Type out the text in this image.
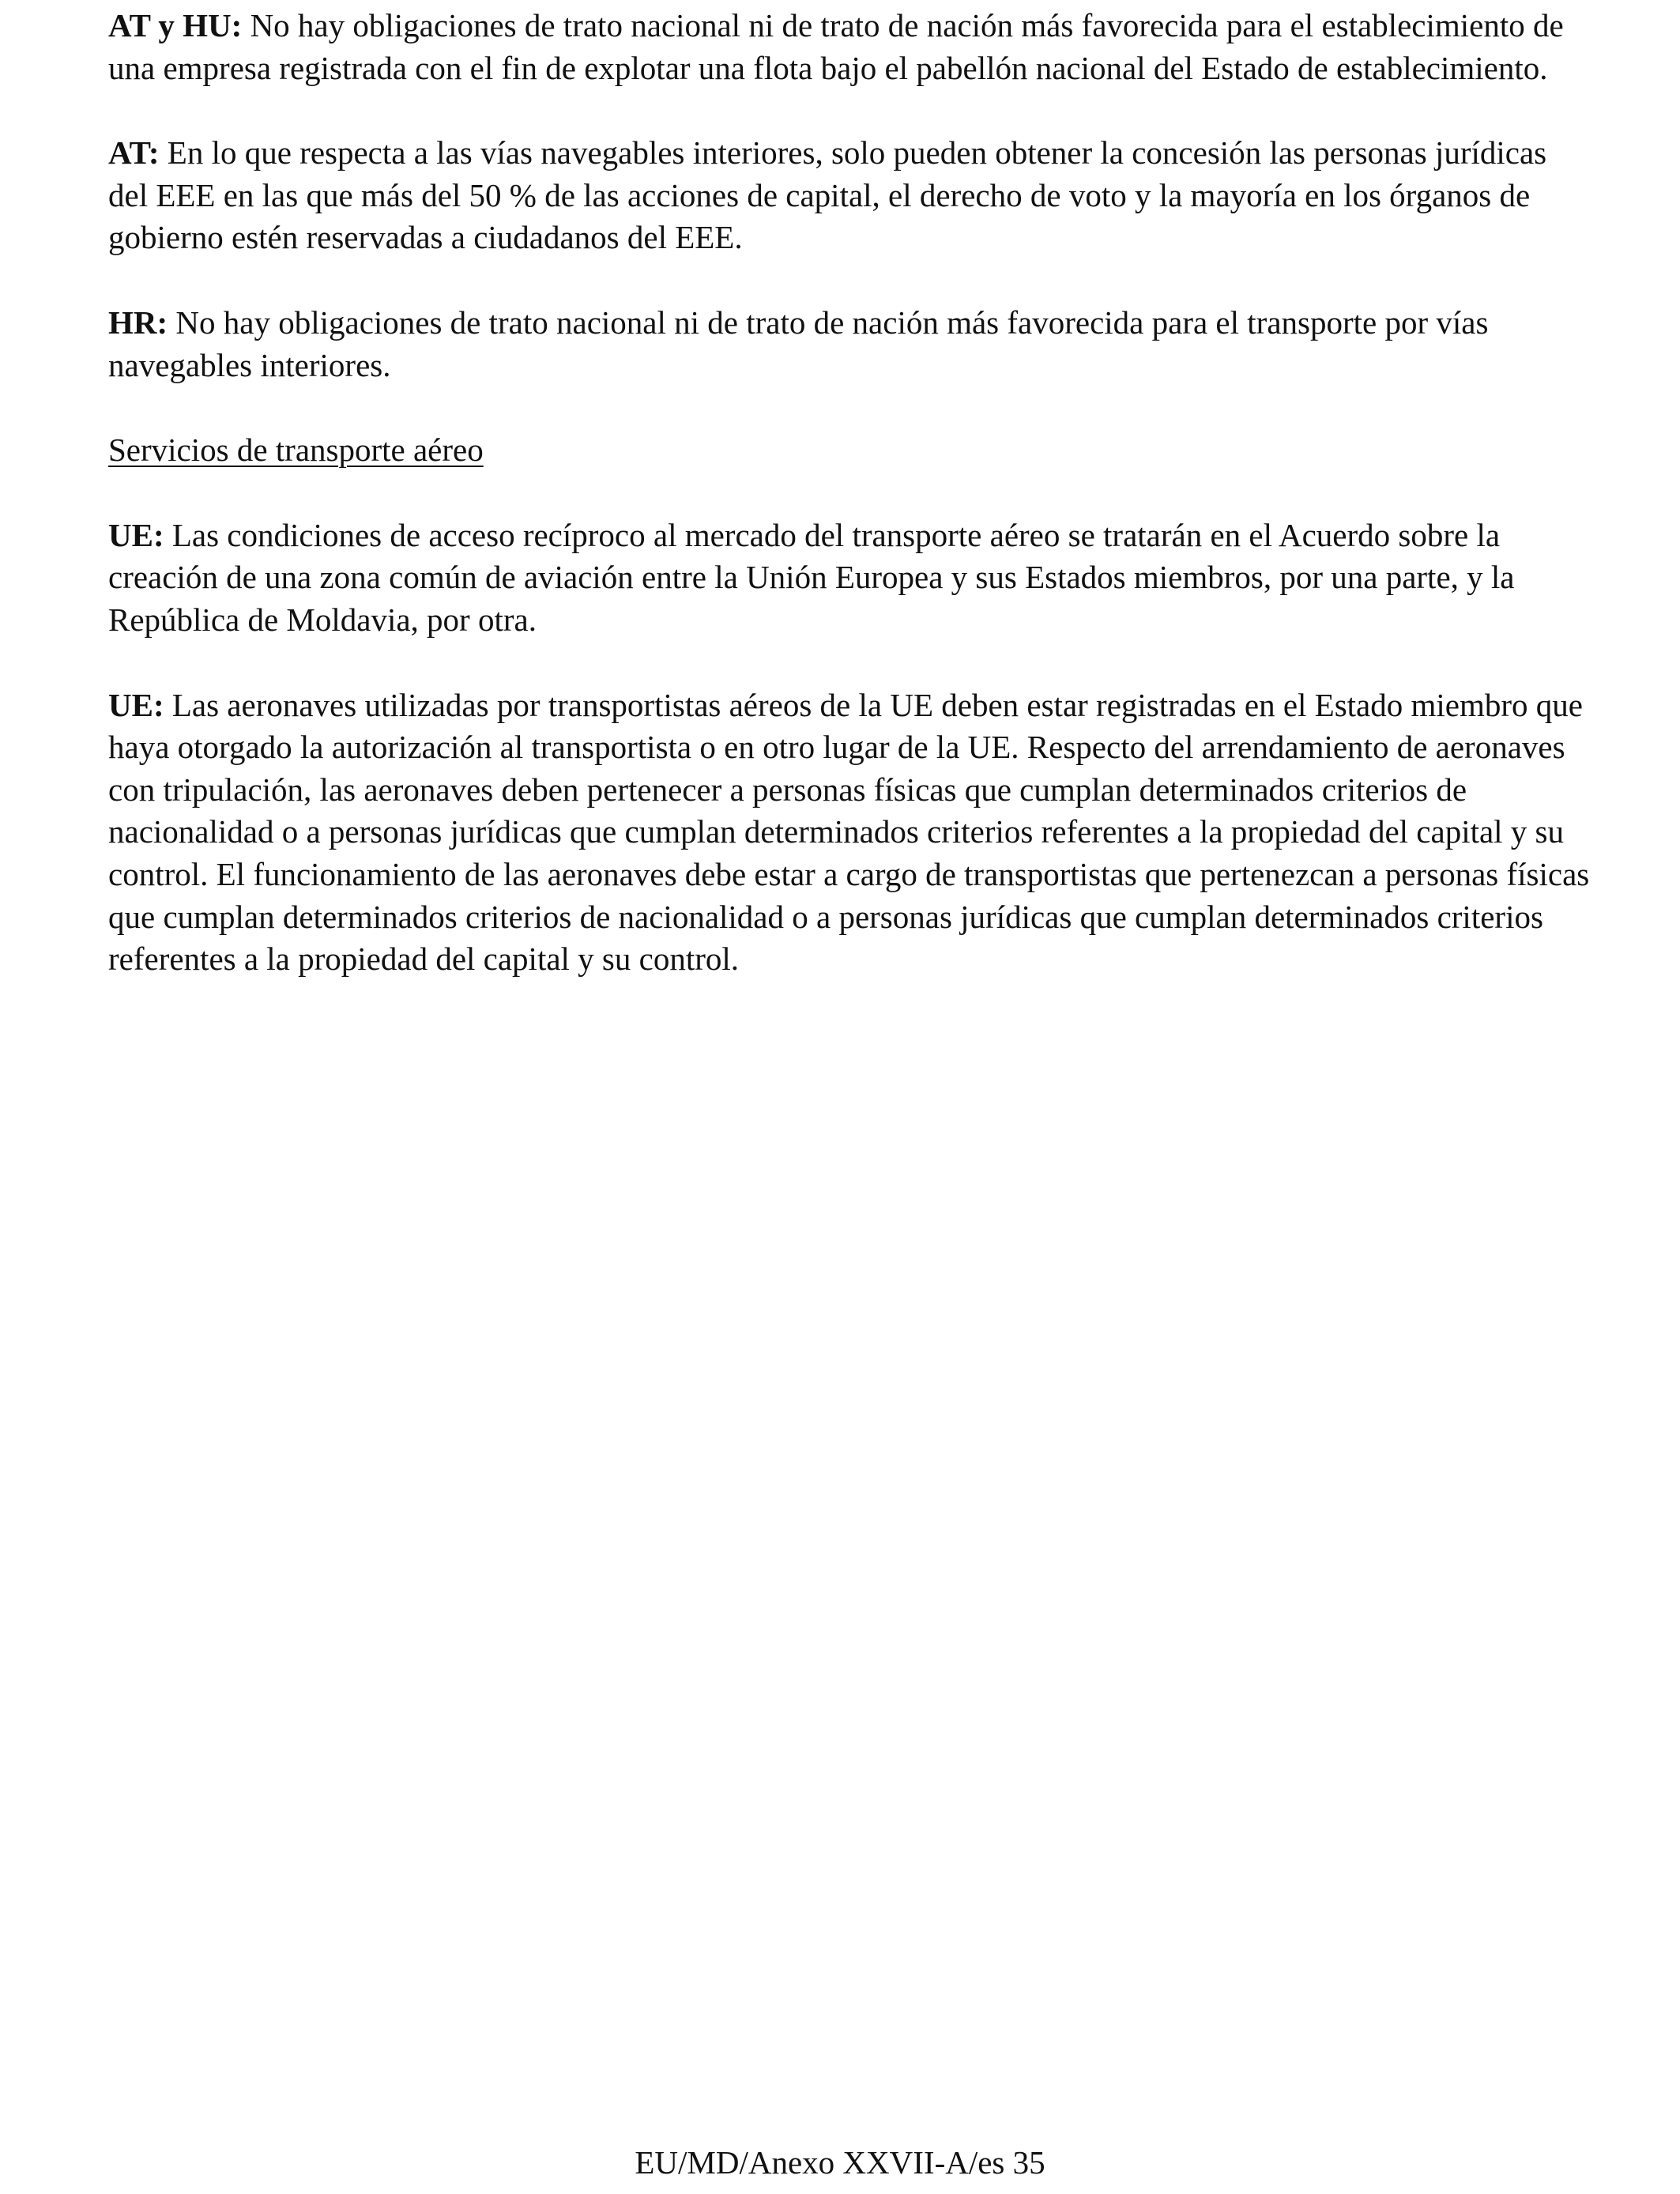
AT y HU: No hay obligaciones de trato nacional ni de trato de nación más favorecida para el establecimiento de una empresa registrada con el fin de explotar una flota bajo el pabellón nacional del Estado de establecimiento.

AT: En lo que respecta a las vías navegables interiores, solo pueden obtener la concesión las personas jurídicas del EEE en las que más del 50 % de las acciones de capital, el derecho de voto y la mayoría en los órganos de gobierno estén reservadas a ciudadanos del EEE.

HR: No hay obligaciones de trato nacional ni de trato de nación más favorecida para el transporte por vías navegables interiores.

Servicios de transporte aéreo

UE: Las condiciones de acceso recíproco al mercado del transporte aéreo se tratarán en el Acuerdo sobre la creación de una zona común de aviación entre la Unión Europea y sus Estados miembros, por una parte, y la República de Moldavia, por otra.

UE: Las aeronaves utilizadas por transportistas aéreos de la UE deben estar registradas en el Estado miembro que haya otorgado la autorización al transportista o en otro lugar de la UE. Respecto del arrendamiento de aeronaves con tripulación, las aeronaves deben pertenecer a personas físicas que cumplan determinados criterios de nacionalidad o a personas jurídicas que cumplan determinados criterios referentes a la propiedad del capital y su control. El funcionamiento de las aeronaves debe estar a cargo de transportistas que pertenezcan a personas físicas que cumplan determinados criterios de nacionalidad o a personas jurídicas que cumplan determinados criterios referentes a la propiedad del capital y su control.

EU/MD/Anexo XXVII-A/es 35
